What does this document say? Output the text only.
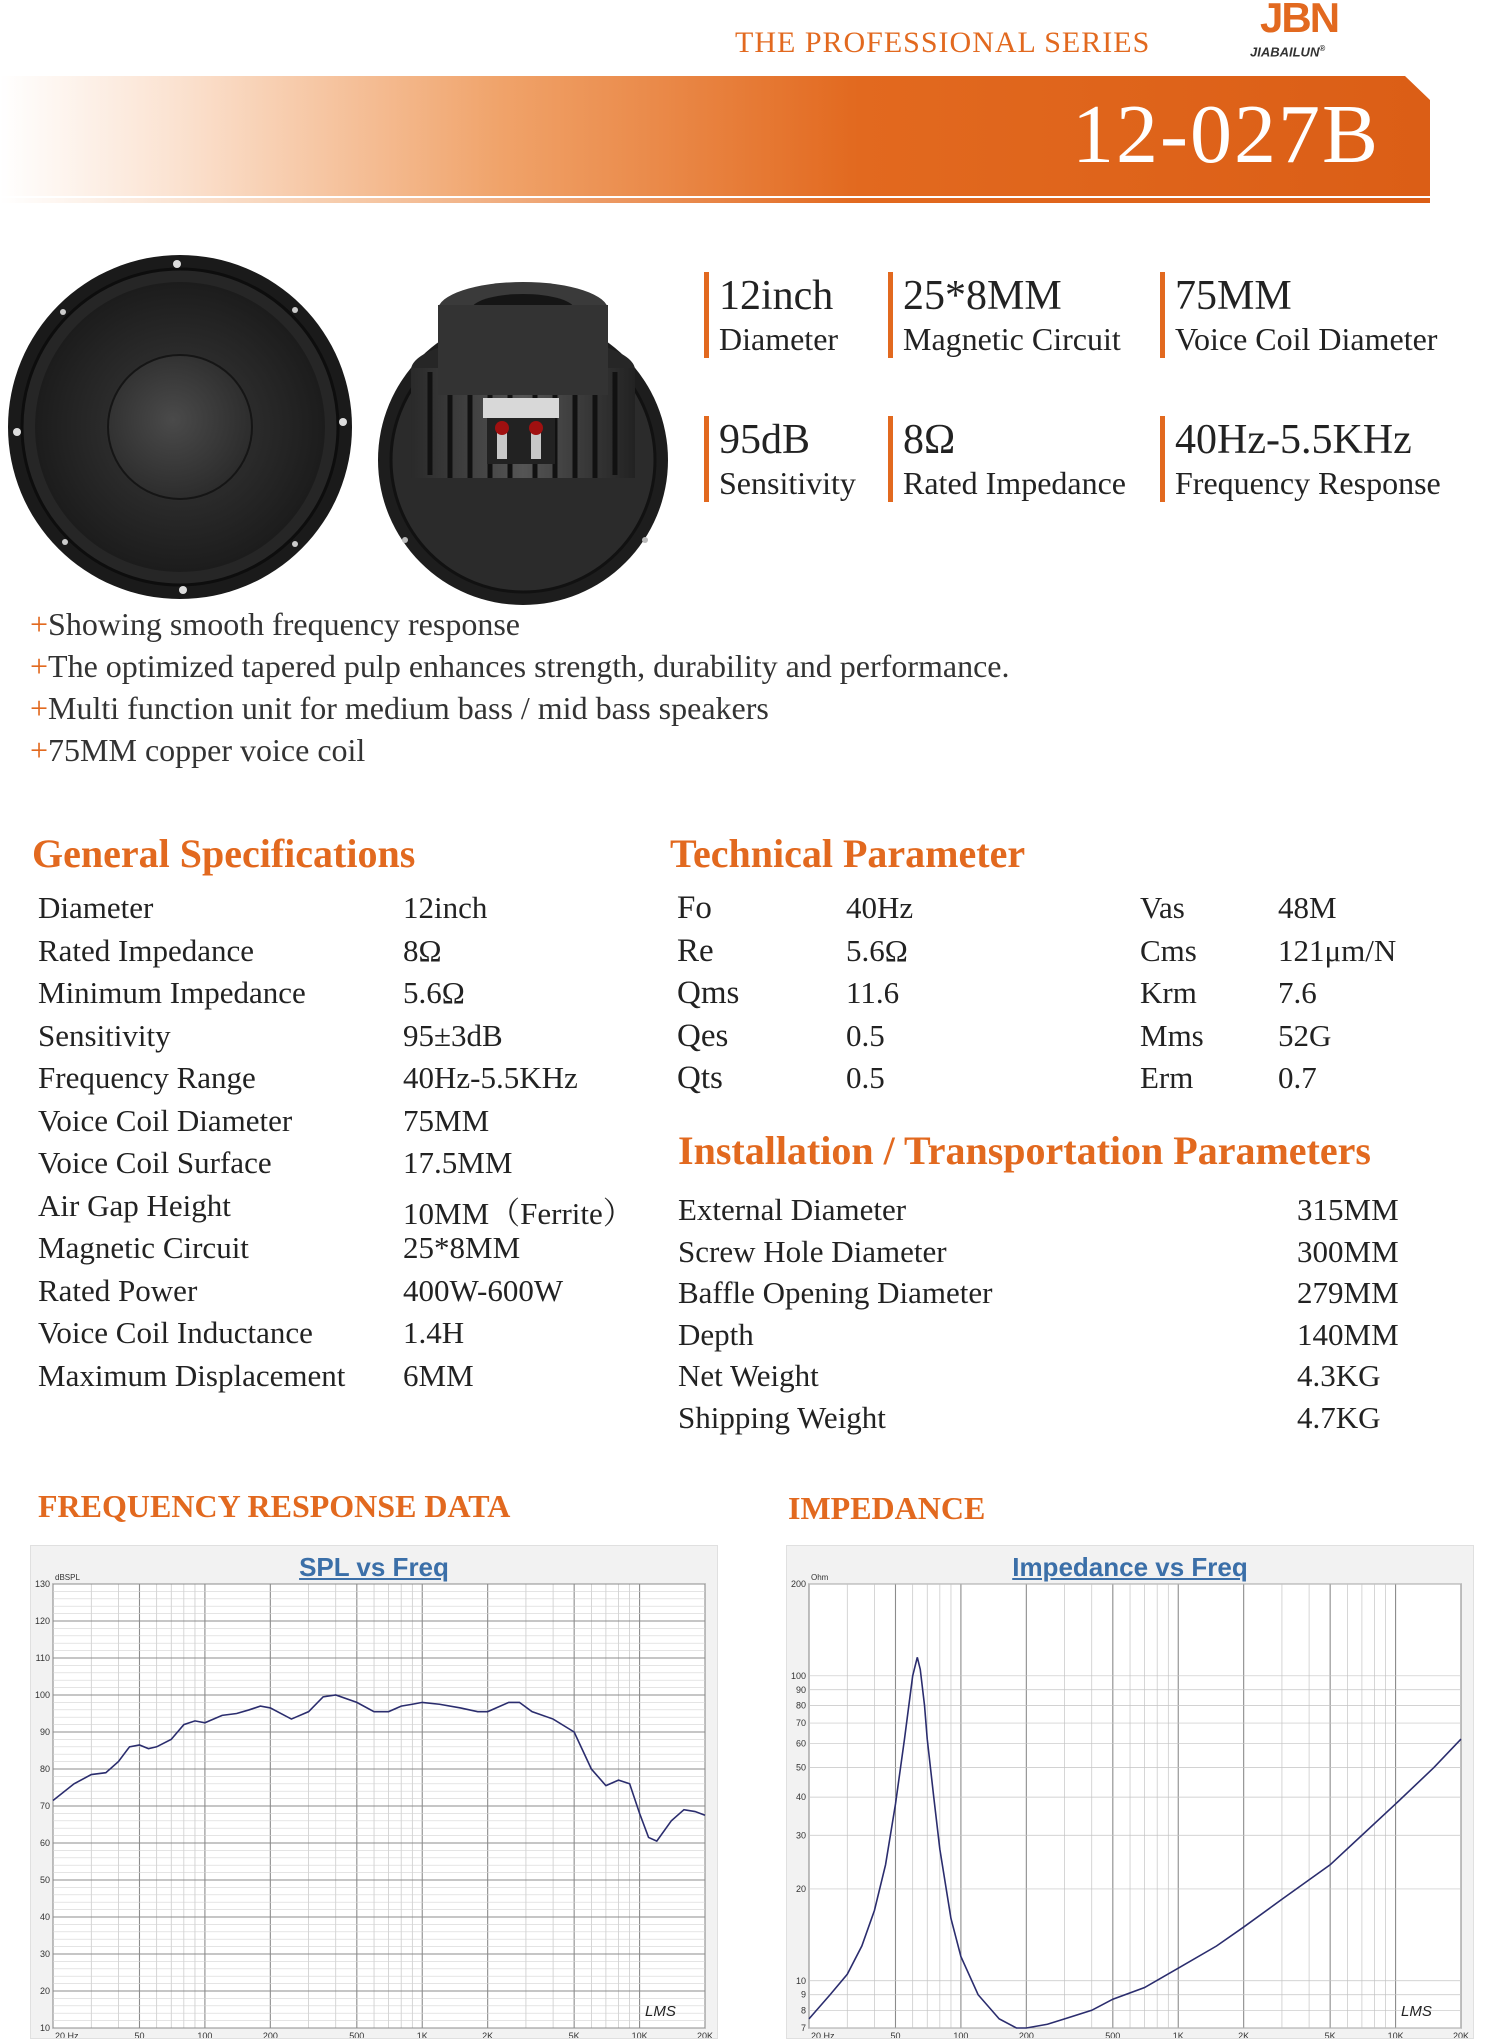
THE PROFESSIONAL SERIES
JBN
JIABAILUN®
12-027B
12inch
Diameter
25*8MM
Magnetic Circuit
75MM
Voice Coil Diameter
95dB
Sensitivity
8Ω
Rated Impedance
40Hz-5.5KHz
Frequency Response
+Showing smooth frequency response
+The optimized tapered pulp enhances strength, durability and performance.
+Multi function unit for medium bass / mid bass speakers
+75MM copper voice coil
General Specifications
Diameter	12inch
Rated Impedance	8Ω
Minimum Impedance	5.6Ω
Sensitivity	95±3dB
Frequency Range	40Hz-5.5KHz
Voice Coil Diameter	75MM
Voice Coil Surface	17.5MM
Air Gap Height	10MM（Ferrite）
Magnetic Circuit	25*8MM
Rated Power	400W-600W
Voice Coil Inductance	1.4H
Maximum Displacement 6MM
Technical Parameter
Fo	40Hz	Vas	48M
Re	5.6Ω	Cms	121μm/N
Qms	11.6	Krm	7.6
Qes	0.5	Mms 52G
Qts	0.5	Erm	0.7
Installation / Transportation Parameters
External Diameter	315MM
Screw Hole Diameter	300MM
Baffle Opening Diameter	279MM
Depth	140MM
Net Weight	4.3KG
Shipping Weight	4.7KG
FREQUENCY RESPONSE DATA	IMPEDANCE
SPL vs Freq
10
20
30
40
50
60
70
80
90
100
110
120
130
20 Hz	50	100	200	500	1K	2K	5K	10K	20K
dBSPL
LMS
Impedance vs Freq
7
8
9
10
20
30
40
50
60
70
80
90
100
200
20 Hz	50	100	200	500	1K	2K	5K	10K	20K
Ohm
LMS
